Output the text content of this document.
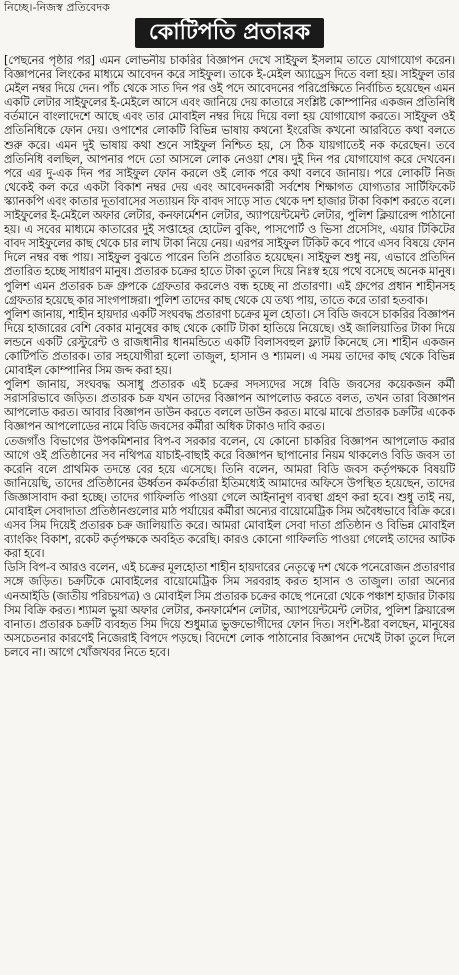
নিচ্ছে।-নিজস্ব প্রতিবেদক
কোটিপতি প্রতারক

[পেছনের পৃষ্ঠার পর] এমন লোভনীয় চাকরির বিজ্ঞাপন দেখে সাইফুল ইসলাম তাতে যোগাযোগ করেন। বিজ্ঞাপনের লিংকের মাধ্যমে আবেদন করে সাইফুল। তাকে ই-মেইল অ্যাড্রেস দিতে বলা হয়। সাইফুল তার মেইল নম্বর দিয়ে দেন। পাঁচ থেকে সাত দিন পর ওই পদে আবেদনের পরিপ্রেক্ষিতে নির্বাচিত হয়েছেন এমন একটি লেটার সাইফুলের ই-মেইলে আসে এবং জানিয়ে দেয় কাতারে সংশ্লিষ্ট কোম্পানির একজন প্রতিনিধি বর্তমানে বাংলাদেশে আছে এবং তার মোবাইল নম্বর দিয়ে দিয়ে বলা হয় যোগাযোগ করতে। সাইফুল ওই প্রতিনিধিকে ফোন দেয়। ওপাশের লোকটি বিভিন্ন ভাষায় কথনো ইংরেজি কখনো আরবিতে কথা বলতে শুরু করে। এমন দুই ভাষায় কথা শুনে সাইফুল নিশ্চিত হয়, সে ঠিক যায়গাতেই নক করেছেন। তবে প্রতিনিধি বলছিল, আপনার পদে তো আসলে লোক নেওয়া শেষ। দুই দিন পর যোগাযোগ করে দেখবেন। পরে এর দু-এক দিন পর সাইফুল ফোন করলে ওই লোক পরে কথা বলবে জানায়। পরে লোকটি নিজ থেকেই কল করে একটা বিকাশ নম্বর দেয় এবং আবেদনকারী সর্বশেষ শিক্ষাগত যোগ্যতার সার্টিফিকেট স্ক্যানকপি এবং কাতার দূতাবাসের সত্যায়ন ফি বাবদ সাড়ে সাত থেকে দশ হাজার টাকা বিকাশ করতে বলে। সাইফুলের ই-মেইলে অফার লেটার, কনফার্মেশন লেটার, অ্যাপয়েন্টমেন্ট লেটার, পুলিশ ক্লিয়ারেন্স পাঠানো হয়। এ সবের মাধ্যমে কাতারের দুই সপ্তাহের হোটেল বুকিং, পাসপোর্ট ও ভিসা প্রসেসিং, এয়ার টিকিটের বাবদ সাইফুলের কাছ থেকে চার লাখ টাকা নিয়ে নেয়। এরপর সাইফুল টিকিট কবে পাবে এসব বিষয়ে ফোন দিলে নম্বর বন্ধ পায়। সাইফুল বুঝতে পারেন তিনি প্রতারিত হয়েছেন। সাইফুল শুধু নয়, এভাবে প্রতিদিন প্রতারিত হচ্ছে সাধারণ মানুষ। প্রতারক চক্রের হাতে টাকা তুলে দিয়ে নিঃস্ব হয়ে পথে বসেছে অনেক মানুষ। পুলিশ এমন প্রতারক চক্র গ্রুপকে গ্রেফতার করলেও বন্ধ হচ্ছে না প্রতারণা। এই গ্রুপের প্রধান শাহীনসহ গ্রেফতার হয়েছে কার সাংগপাঙ্গরা। পুলিশ তাদের কাছ থেকে যে তথ্য পায়, তাতে করে তারা হতবাক।

পুলিশ জানায়, শাহীন হায়দার একটি সংঘবদ্ধ প্রতারণা চক্রের মূল হোতা। সে বিডি জবসে চাকরির বিজ্ঞাপন দিয়ে হাজারের বেশি বেকার মানুষের কাছ থেকে কোটি টাকা হাতিয়ে নিয়েছে। ওই জালিয়াতির টাকা দিয়ে লন্ডনে একটি রেস্টুরেন্ট ও রাজধানীর ধানমন্ডিতে একটি বিলাসবহুল ফ্ল্যাট কিনেছে সে। শাহীন একজন কোটিপতি প্রতারক। তার সহযোগীরা হলো তাজুল, হাসান ও শ্যামল। এ সময় তাদের কাছ থেকে বিভিন্ন মোবাইল কোম্পানির সিম জব্দ করা হয়।

পুলিশ জানায়, সংঘবদ্ধ অসাধু প্রতারক এই চক্রের সদস্যদের সঙ্গে বিডি জবসের কয়েকজন কর্মী সরাসরিভাবে জড়িত। প্রতারক চক্র যখন তাদের বিজ্ঞাপন আপলোড করতে বলত, তখন তারা বিজ্ঞাপন আপলোড করত। আবার বিজ্ঞাপন ডাউন করতে বললে ডাউন করত। মাঝে মাঝে প্রতারক চক্রটির একেক বিজ্ঞাপন আপলোডের নামে বিডি জবসের কর্মীরা অধিক টাকাও দাবি করত।

তেজগাঁও বিভাগের উপকমিশনার বিপ-ব সরকার বলেন, যে কোনো চাকরির বিজ্ঞাপন আপলোড করার আগে ওই প্রতিষ্ঠানের সব নথিপত্র যাচাই-বাছাই করে বিজ্ঞাপন ছাপানোর নিয়ম থাকলেও বিডি জবস তা করেনি বলে প্রাথমিক তদন্তে বের হয়ে এসেছে। তিনি বলেন, আমরা বিডি জবস কর্তৃপক্ষকে বিষয়টি জানিয়েছি, তাদের প্রতিষ্ঠানের ঊর্ধ্বতন কর্মকর্তারা ইতিমধ্যেই আমাদের অফিসে উপস্থিত হয়েছেন, তাদের জিজ্ঞাসাবাদ করা হচ্ছে। তাদের গাফিলতি পাওয়া গেলে আইনানুগ ব্যবস্থা গ্রহণ করা হবে। শুধু তাই নয়, মোবাইল সেবাদাতা প্রতিষ্ঠানগুলোর মাঠ পর্যায়ের কর্মীরা অন্যের বায়োমেট্রিক সিম অবৈধভাবে বিক্রি করে। এসব সিম দিয়েই প্রতারক চক্র জালিয়াতি করে। আমরা মোবাইল সেবা দাতা প্রতিষ্ঠান ও বিভিন্ন মোবাইল ব্যাংকিং বিকাশ, রকেট কর্তৃপক্ষকে অবহিত করেছি। কারও কোনো গাফিলতি পাওয়া গেলেই তাদের আটক করা হবে।

ডিসি বিপ-ব আরও বলেন, এই চক্রের মূলহোতা শাহীন হায়দারের নেতৃত্বে দশ থেকে পনেরোজন প্রতারণার সঙ্গে জড়িত। চক্রটিকে মোবাইলের বায়োমেট্রিক সিম সরবরাহ করত হাসান ও তাজুল। তারা অন্যের এনআইডি (জাতীয় পরিচয়পত্র) ও মোবাইল সিম প্রতারক চক্রের কাছে পনেরো থেকে পঞ্চাশ হাজার টাকায় সিম বিক্রি করত। শ্যামল ভুয়া অফার লেটার, কনফার্মেশন লেটার, অ্যাপয়েন্টমেন্ট লেটার, পুলিশ ক্লিয়ারেন্স বানাত। প্রতারক চক্রটি ব্যবহৃত সিম দিয়ে শুধুমাত্র ভুক্তভোগীদের ফোন দিত। সংশি-ষ্টরা বলছেন, মানুষের অসচেতনার কারণেই নিজেরাই বিপদে পড়ছে। বিদেশে লোক পাঠানোর বিজ্ঞাপন দেখেই টাকা তুলে দিলে চলবে না। আগে খোঁজখবর নিতে হবে।
